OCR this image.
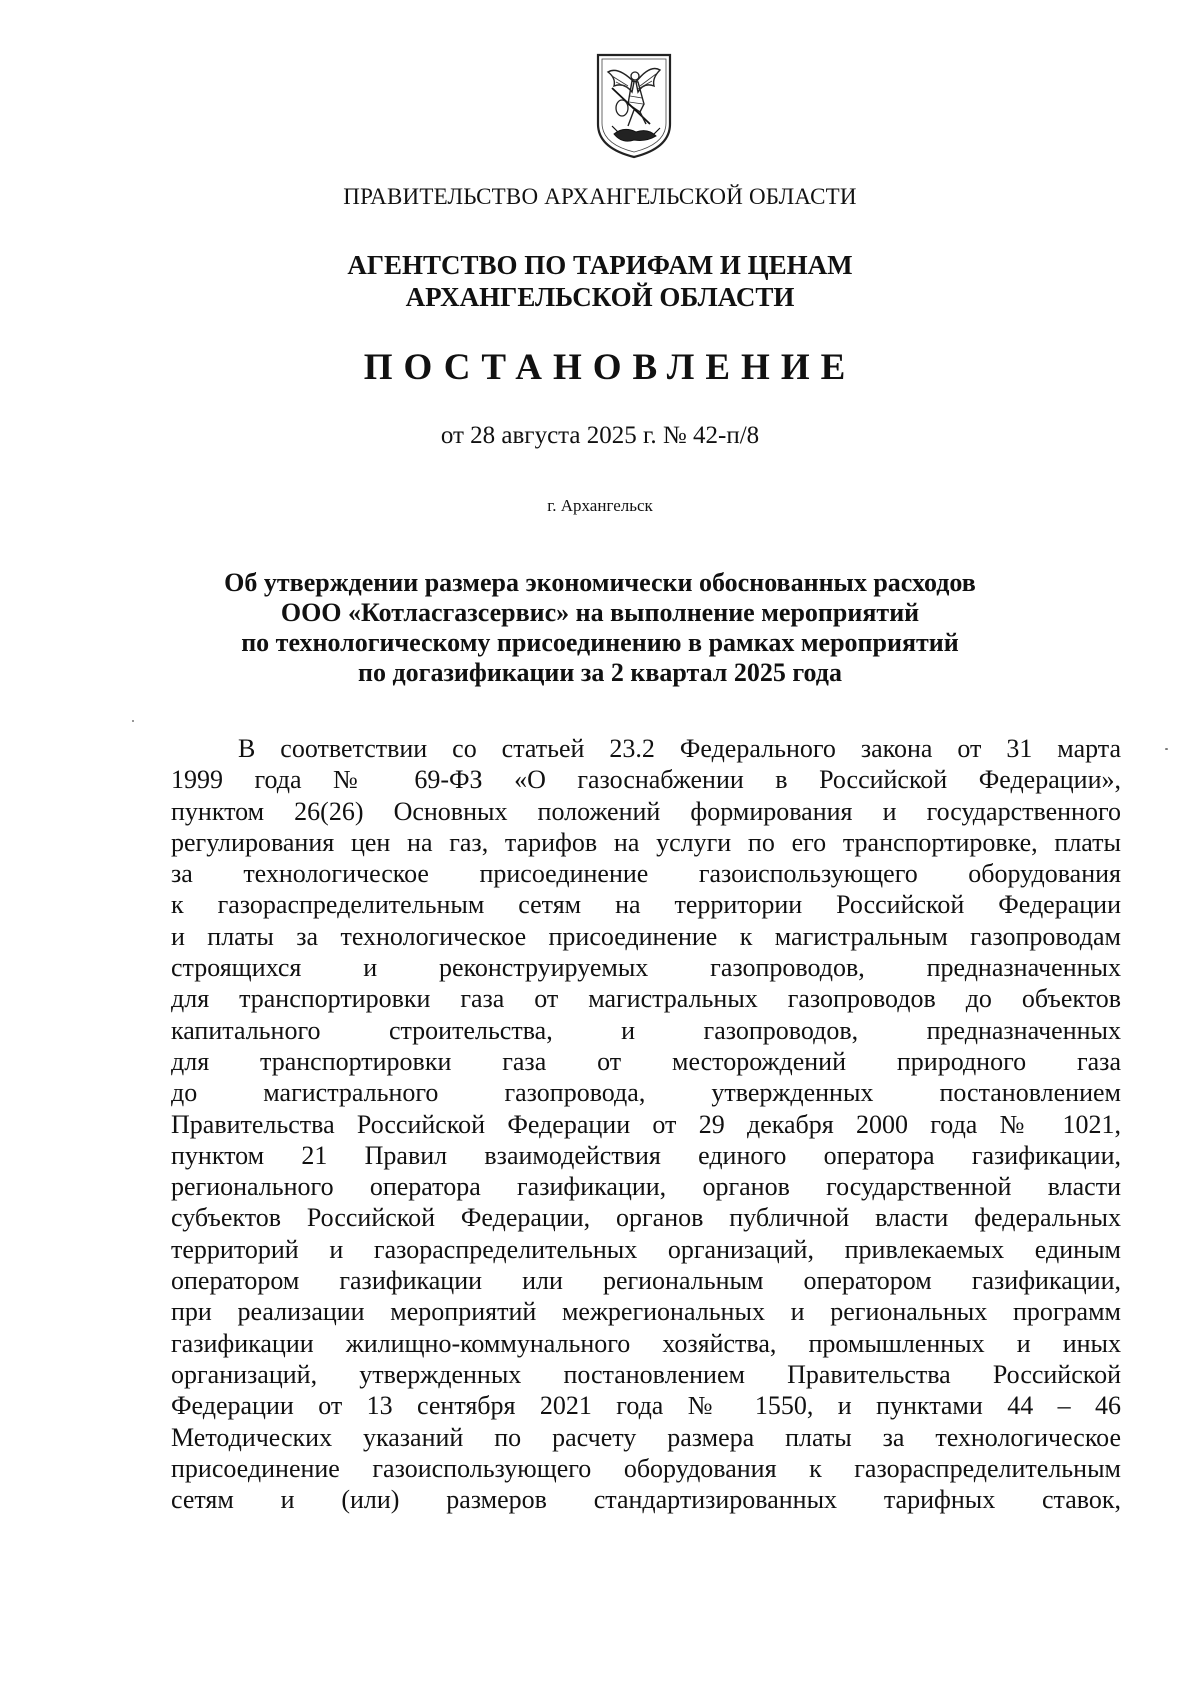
ПРАВИТЕЛЬСТВО АРХАНГЕЛЬСКОЙ ОБЛАСТИ
АГЕНТСТВО ПО ТАРИФАМ И ЦЕНАМ
АРХАНГЕЛЬСКОЙ ОБЛАСТИ
ПОСТАНОВЛЕНИЕ
от 28 августа 2025 г. № 42-п/8
г. Архангельск
Об утверждении размера экономически обоснованных расходов
ООО «Котласгазсервис» на выполнение мероприятий
по технологическому присоединению в рамках мероприятий
по догазификации за 2 квартал 2025 года
В соответствии со статьей 23.2 Федерального закона от 31 марта
1999 года № 69-ФЗ «О газоснабжении в Российской Федерации»,
пунктом 26(26) Основных положений формирования и государственного
регулирования цен на газ, тарифов на услуги по его транспортировке, платы
за технологическое присоединение газоиспользующего оборудования
к газораспределительным сетям на территории Российской Федерации
и платы за технологическое присоединение к магистральным газопроводам
строящихся и реконструируемых газопроводов, предназначенных
для транспортировки газа от магистральных газопроводов до объектов
капитального строительства, и газопроводов, предназначенных
для транспортировки газа от месторождений природного газа
до магистрального газопровода, утвержденных постановлением
Правительства Российской Федерации от 29 декабря 2000 года № 1021,
пунктом 21 Правил взаимодействия единого оператора газификации,
регионального оператора газификации, органов государственной власти
субъектов Российской Федерации, органов публичной власти федеральных
территорий и газораспределительных организаций, привлекаемых единым
оператором газификации или региональным оператором газификации,
при реализации мероприятий межрегиональных и региональных программ
газификации жилищно-коммунального хозяйства, промышленных и иных
организаций, утвержденных постановлением Правительства Российской
Федерации от 13 сентября 2021 года № 1550, и пунктами 44 – 46
Методических указаний по расчету размера платы за технологическое
присоединение газоиспользующего оборудования к газораспределительным
сетям и (или) размеров стандартизированных тарифных ставок,
